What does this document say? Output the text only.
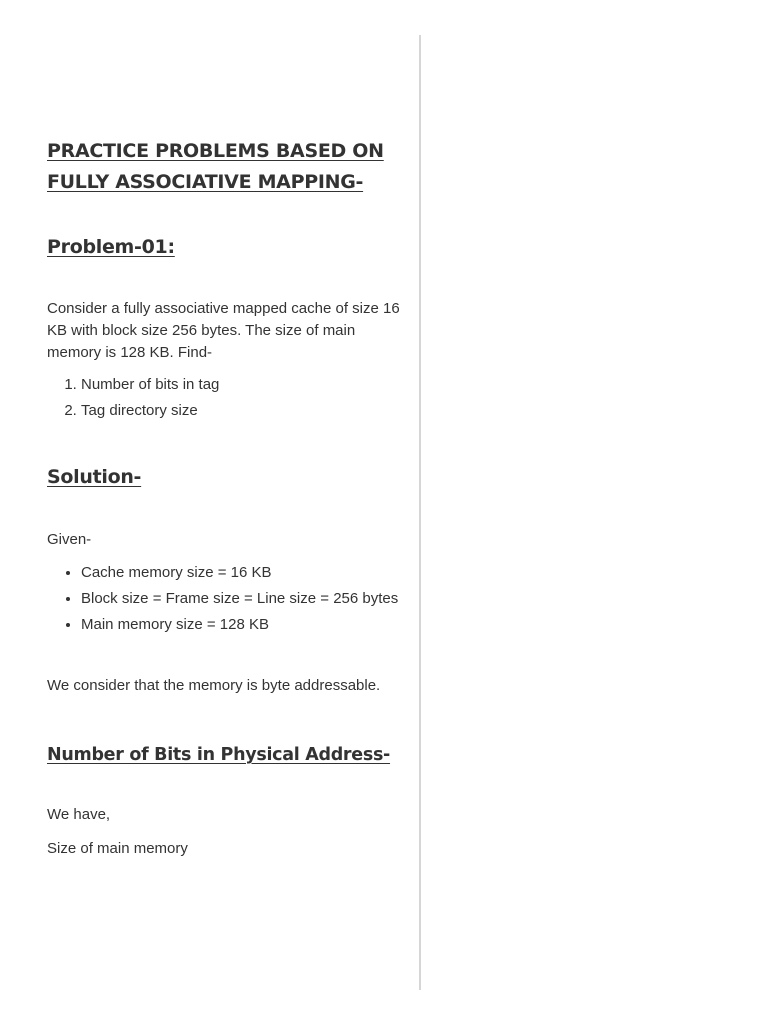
PRACTICE PROBLEMS BASED ON FULLY ASSOCIATIVE MAPPING-
Problem-01:

Consider a fully associative mapped cache of size 16 KB with block size 256 bytes. The size of main memory is 128 KB. Find-

1. Number of bits in tag
2. Tag directory size
Solution-

Given-

• Cache memory size = 16 KB
• Block size = Frame size = Line size = 256 bytes
• Main memory size = 128 KB

We consider that the memory is byte addressable.

Number of Bits in Physical Address-

We have,

Size of main memory
